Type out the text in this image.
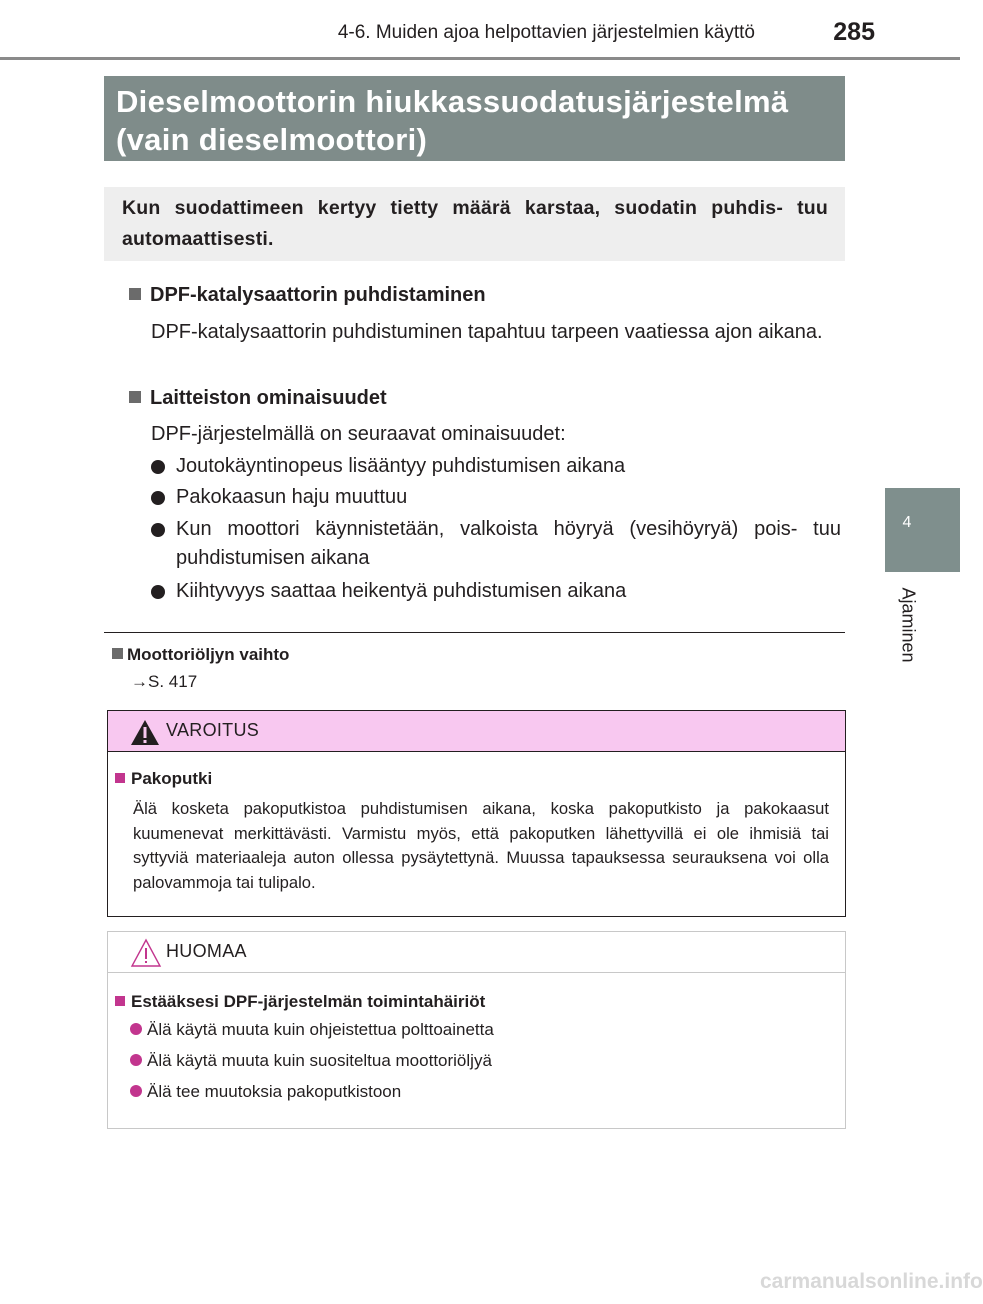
4-6. Muiden ajoa helpottavien järjestelmien käyttö	285
4
Ajaminen
Dieselmoottorin hiukkassuodatusjärjestelmä
(vain dieselmoottori)
Kun suodattimeen kertyy tietty määrä karstaa, suodatin puhdis- tuu automaattisesti.
DPF-katalysaattorin puhdistaminen
DPF-katalysaattorin puhdistuminen tapahtuu tarpeen vaatiessa ajon aikana.
Laitteiston ominaisuudet
DPF-järjestelmällä on seuraavat ominaisuudet:
Joutokäyntinopeus lisääntyy puhdistumisen aikana
Pakokaasun haju muuttuu
Kun moottori käynnistetään, valkoista höyryä (vesihöyryä) pois- tuu puhdistumisen aikana
Kiihtyvyys saattaa heikentyä puhdistumisen aikana
Moottoriöljyn vaihto
→S. 417
VAROITUS
Pakoputki
Älä kosketa pakoputkistoa puhdistumisen aikana, koska pakoputkisto ja pakokaasut kuumenevat merkittävästi. Varmistu myös, että pakoputken lähettyvillä ei ole ihmisiä tai syttyviä materiaaleja auton ollessa pysäytettynä. Muussa tapauksessa seurauksena voi olla palovammoja tai tulipalo.
HUOMAA
Estääksesi DPF-järjestelmän toimintahäiriöt
Älä käytä muuta kuin ohjeistettua polttoainetta
Älä käytä muuta kuin suositeltua moottoriöljyä
Älä tee muutoksia pakoputkistoon
carmanualsonline.info
